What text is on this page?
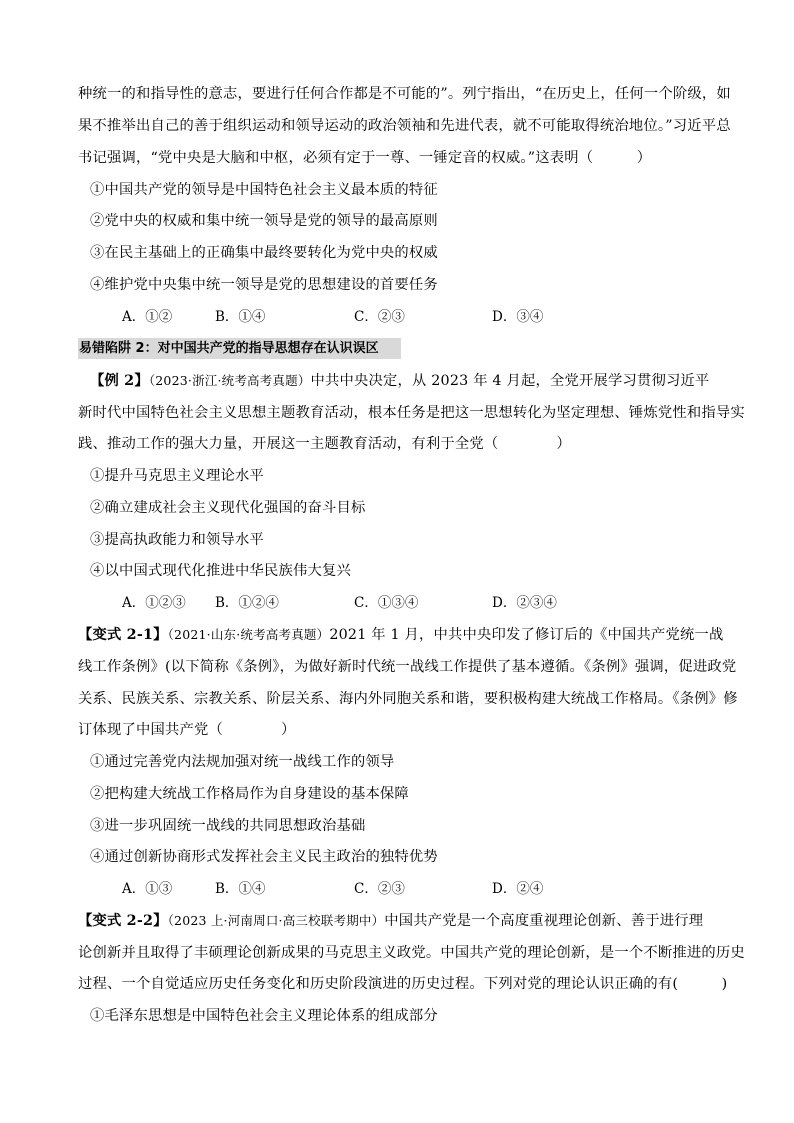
种统一的和指导性的意志，要进行任何合作都是不可能的”。列宁指出，“在历史上，任何一个阶级，如
果不推举出自己的善于组织运动和领导运动的政治领袖和先进代表，就不可能取得统治地位。”习近平总
书记强调，“党中央是大脑和中枢，必须有定于一尊、一锤定音的权威。”这表明（　　　）
①中国共产党的领导是中国特色社会主义最本质的特征
②党中央的权威和集中统一领导是党的领导的最高原则
③在民主基础上的正确集中最终要转化为党中央的权威
④维护党中央集中统一领导是党的思想建设的首要任务
A．①②	B．①④	C．②③	D．③④
易错陷阱 2：对中国共产党的指导思想存在认识误区
【例 2】（2023·浙江·统考高考真题）中共中央决定，从 2023 年 4 月起，全党开展学习贯彻习近平
新时代中国特色社会主义思想主题教育活动，根本任务是把这一思想转化为坚定理想、锤炼党性和指导实
践、推动工作的强大力量，开展这一主题教育活动，有利于全党（　　　　）
①提升马克思主义理论水平
②确立建成社会主义现代化强国的奋斗目标
③提高执政能力和领导水平
④以中国式现代化推进中华民族伟大复兴
A．①②③ B．①②④	C．①③④	D．②③④
【变式 2-1】（2021·山东·统考高考真题）2021 年 1 月，中共中央印发了修订后的《中国共产党统一战
线工作条例》(以下简称《条例》，为做好新时代统一战线工作提供了基本遵循。《条例》强调，促进政党
关系、民族关系、宗教关系、阶层关系、海内外同胞关系和谐，要积极构建大统战工作格局。《条例》修
订体现了中国共产党（　　　　）
①通过完善党内法规加强对统一战线工作的领导
②把构建大统战工作格局作为自身建设的基本保障
③进一步巩固统一战线的共同思想政治基础
④通过创新协商形式发挥社会主义民主政治的独特优势
A．①③	B．①④	C．②③	D．②④
【变式 2-2】（2023 上·河南周口·高三校联考期中）中国共产党是一个高度重视理论创新、善于进行理
论创新并且取得了丰硕理论创新成果的马克思主义政党。中国共产党的理论创新，是一个不断推进的历史
过程、一个自觉适应历史任务变化和历史阶段演进的历史过程。下列对党的理论认识正确的有(　　　)
①毛泽东思想是中国特色社会主义理论体系的组成部分
